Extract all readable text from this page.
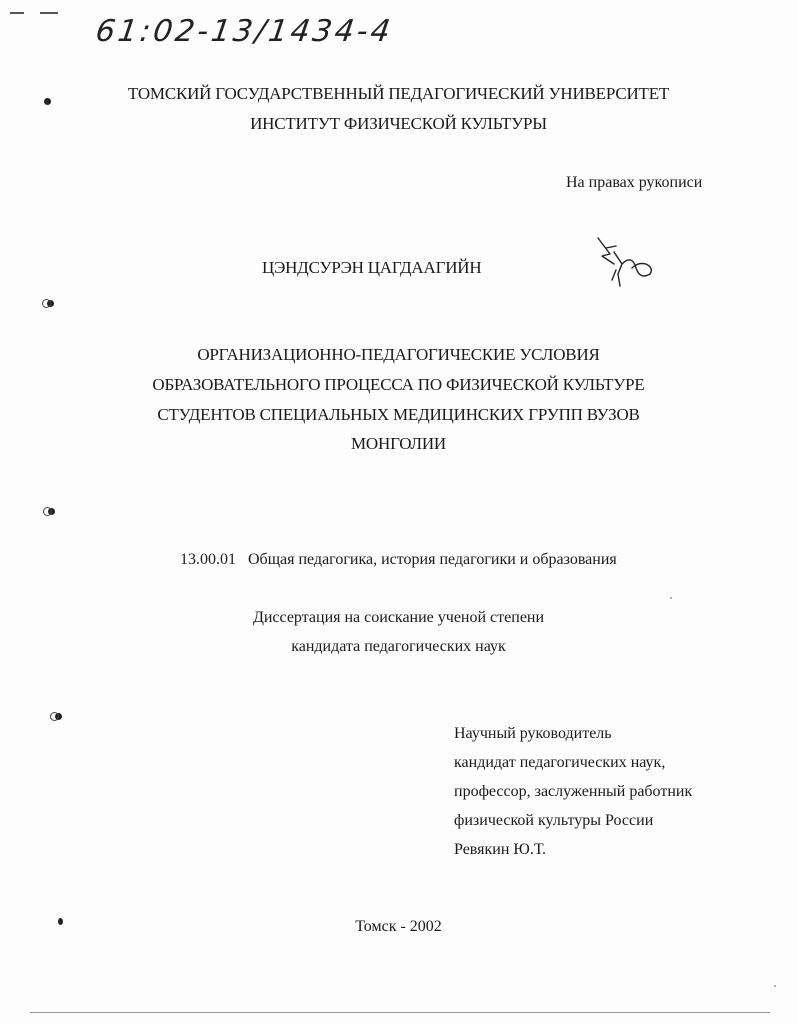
61:02-13/1434-4
ТОМСКИЙ ГОСУДАРСТВЕННЫЙ ПЕДАГОГИЧЕСКИЙ УНИВЕРСИТЕТ
ИНСТИТУТ ФИЗИЧЕСКОЙ КУЛЬТУРЫ
На правах рукописи
ЦЭНДСУРЭН ЦАГДААГИЙН
ОРГАНИЗАЦИОННО-ПЕДАГОГИЧЕСКИЕ УСЛОВИЯ
ОБРАЗОВАТЕЛЬНОГО ПРОЦЕССА ПО ФИЗИЧЕСКОЙ КУЛЬТУРЕ
СТУДЕНТОВ СПЕЦИАЛЬНЫХ МЕДИЦИНСКИХ ГРУПП ВУЗОВ
МОНГОЛИИ
13.00.01 Общая педагогика, история педагогики и образования
Диссертация на соискание ученой степени
кандидата педагогических наук
Научный руководитель
кандидат педагогических наук,
профессор, заслуженный работник
физической культуры России
Ревякин Ю.Т.
Томск - 2002
